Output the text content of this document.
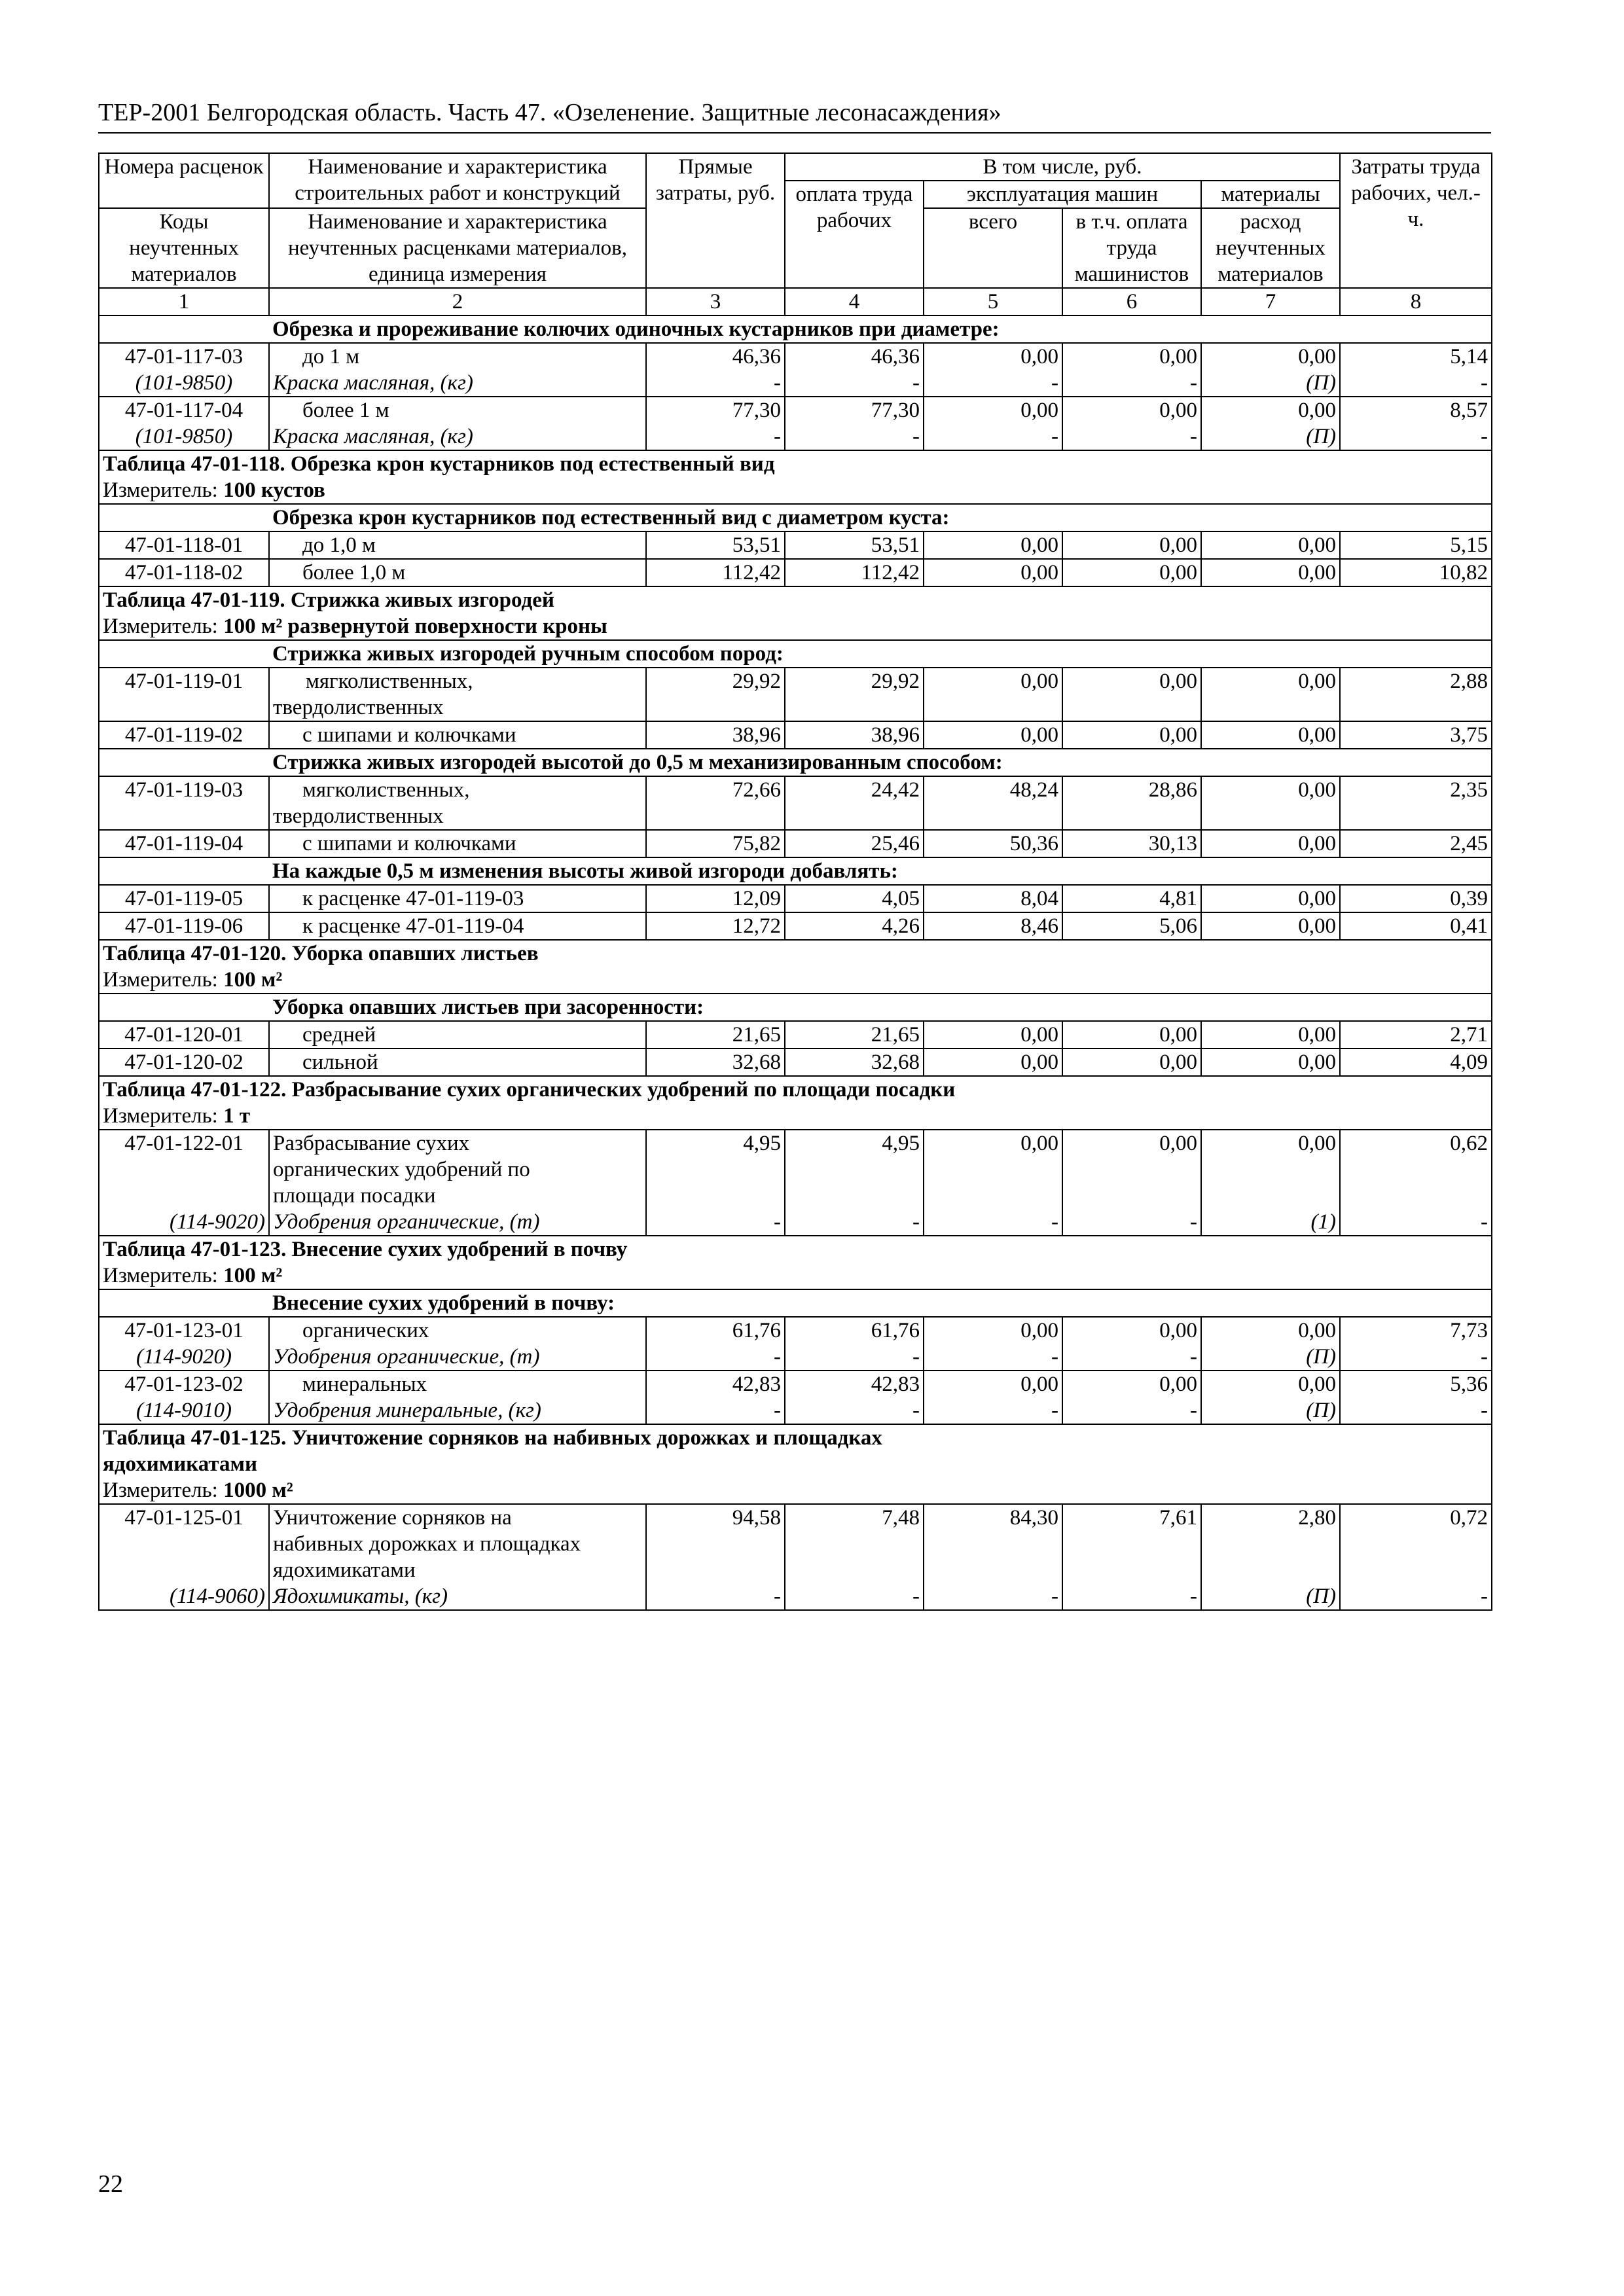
ТЕР-2001 Белгородская область. Часть 47. «Озеленение. Защитные лесонасаждения»
Номера расценок	Наименование и характеристика строительных работ и конструкций	Прямые затраты, руб.	В том числе, руб.				Затраты труда рабочих, чел.-ч.
			оплата труда рабочих	эксплуатация машин		материалы	
Коды неучтенных материалов	Наименование и характеристика неучтенных расценками материалов, единица измерения			всего	в т.ч. оплата труда машинистов	расход неучтенных материалов	

1	2	3	4	5	6	7	8
	Обрезка и прореживание колючих одиночных кустарников при диаметре:						
47-01-117-03	до 1 м	46,36	46,36	0,00	0,00	0,00	5,14
(101-9850)	Краска масляная, (кг)	-	-	-	-	(П)	-
47-01-117-04	более 1 м	77,30	77,30	0,00	0,00	0,00	8,57
(101-9850)	Краска масляная, (кг)	-	-	-	-	(П)	-
Таблица 47-01-118. Обрезка крон кустарников под естественный вид							
Измеритель: 100 кустов							
	Обрезка крон кустарников под естественный вид с диаметром куста:						
47-01-118-01	до 1,0 м	53,51	53,51	0,00	0,00	0,00	5,15
47-01-118-02	более 1,0 м	112,42	112,42	0,00	0,00	0,00	10,82
Таблица 47-01-119. Стрижка живых изгородей							
Измеритель: 100 м² развернутой поверхности кроны							
	Стрижка живых изгородей ручным способом пород:						
47-01-119-01	мягколиственных,
твердолиственных	29,92	29,92	0,00	0,00	0,00	2,88
47-01-119-02	с шипами и колючками	38,96	38,96	0,00	0,00	0,00	3,75
	Стрижка живых изгородей высотой до 0,5 м механизированным способом:						
47-01-119-03	мягколиственных,
твердолиственных	72,66	24,42	48,24	28,86	0,00	2,35
47-01-119-04	с шипами и колючками	75,82	25,46	50,36	30,13	0,00	2,45
	На каждые 0,5 м изменения высоты живой изгороди добавлять:						
47-01-119-05	к расценке 47-01-119-03	12,09	4,05	8,04	4,81	0,00	0,39
47-01-119-06	к расценке 47-01-119-04	12,72	4,26	8,46	5,06	0,00	0,41
Таблица 47-01-120. Уборка опавших листьев							
Измеритель: 100 м²							
	Уборка опавших листьев при засоренности:						
47-01-120-01	средней	21,65	21,65	0,00	0,00	0,00	2,71
47-01-120-02	сильной	32,68	32,68	0,00	0,00	0,00	4,09
Таблица 47-01-122. Разбрасывание сухих органических удобрений по площади посадки							
Измеритель: 1 т							
47-01-122-01	Разбрасывание сухих
органических удобрений по
площади посадки	4,95	4,95	0,00	0,00	0,00	0,62
(114-9020)	Удобрения органические, (т)	-	-	-	-	(1)	-
Таблица 47-01-123. Внесение сухих удобрений в почву							
Измеритель: 100 м²							
	Внесение сухих удобрений в почву:						
47-01-123-01	органических	61,76	61,76	0,00	0,00	0,00	7,73
(114-9020)	Удобрения органические, (т)	-	-	-	-	(П)	-
47-01-123-02	минеральных	42,83	42,83	0,00	0,00	0,00	5,36
(114-9010)	Удобрения минеральные, (кг)	-	-	-	-	(П)	-
Таблица 47-01-125. Уничтожение сорняков на набивных дорожках и площадках							
ядохимикатами							
Измеритель: 1000 м²							
47-01-125-01	Уничтожение сорняков на
набивных дорожках и площадках
ядохимикатами	94,58	7,48	84,30	7,61	2,80	0,72
(114-9060)	Ядохимикаты, (кг)	-	-	-	-	(П)	-
22
